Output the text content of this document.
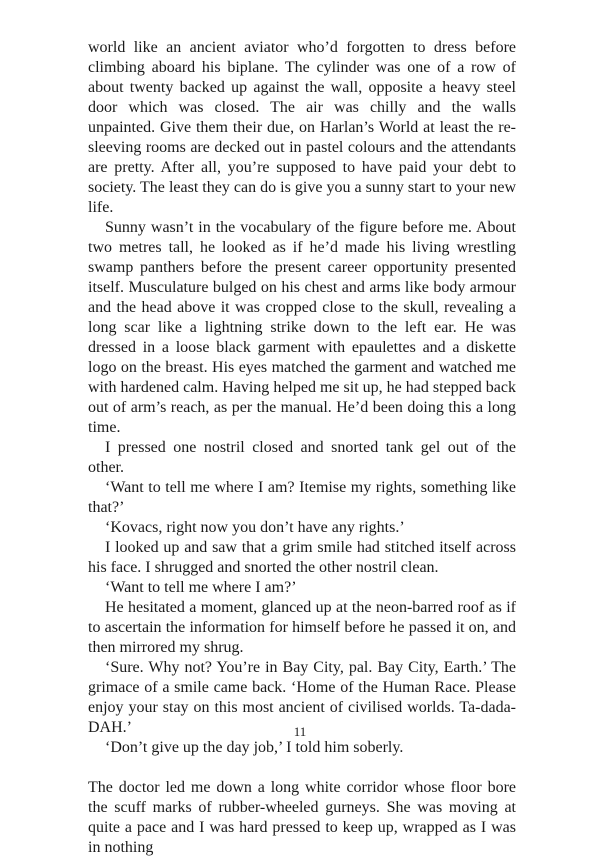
world like an ancient aviator who’d forgotten to dress before climbing aboard his biplane. The cylinder was one of a row of about twenty backed up against the wall, opposite a heavy steel door which was closed. The air was chilly and the walls unpainted. Give them their due, on Harlan’s World at least the re-sleeving rooms are decked out in pastel colours and the attendants are pretty. After all, you’re supposed to have paid your debt to society. The least they can do is give you a sunny start to your new life.

Sunny wasn’t in the vocabulary of the figure before me. About two metres tall, he looked as if he’d made his living wrestling swamp panthers before the present career opportunity presented itself. Musculature bulged on his chest and arms like body armour and the head above it was cropped close to the skull, revealing a long scar like a lightning strike down to the left ear. He was dressed in a loose black garment with epaulettes and a diskette logo on the breast. His eyes matched the garment and watched me with hardened calm. Having helped me sit up, he had stepped back out of arm’s reach, as per the manual. He’d been doing this a long time.

I pressed one nostril closed and snorted tank gel out of the other.

‘Want to tell me where I am? Itemise my rights, something like that?’

‘Kovacs, right now you don’t have any rights.’

I looked up and saw that a grim smile had stitched itself across his face. I shrugged and snorted the other nostril clean.

‘Want to tell me where I am?’

He hesitated a moment, glanced up at the neon-barred roof as if to ascertain the information for himself before he passed it on, and then mirrored my shrug.

‘Sure. Why not? You’re in Bay City, pal. Bay City, Earth.’ The grimace of a smile came back. ‘Home of the Human Race. Please enjoy your stay on this most ancient of civilised worlds. Ta-dada-DAH.’

‘Don’t give up the day job,’ I told him soberly.

The doctor led me down a long white corridor whose floor bore the scuff marks of rubber-wheeled gurneys. She was moving at quite a pace and I was hard pressed to keep up, wrapped as I was in nothing

11
